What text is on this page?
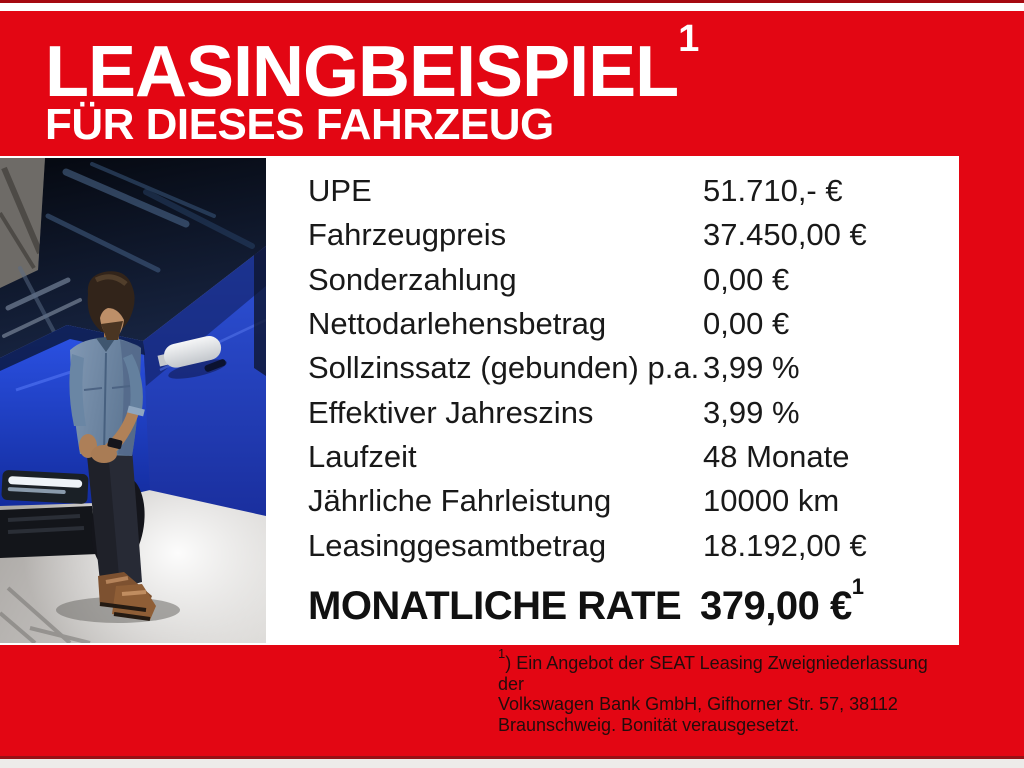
LEASINGBEISPIEL$^1$
FÜR DIESES FAHRZEUG
UPE	51.710,- €
Fahrzeugpreis	37.450,00 €
Sonderzahlung	0,00 €
Nettodarlehensbetrag	0,00 €
Sollzinssatz (gebunden) p.a. 3,99 %
Effektiver Jahreszins	3,99 %
Laufzeit	48 Monate
Jährliche Fahrleistung	10000 km
Leasinggesamtbetrag	18.192,00 €
MONATLICHE RATE 379,00 €$^1$
$^1$) Ein Angebot der SEAT Leasing Zweigniederlassung der
Volkswagen Bank GmbH, Gifhorner Str. 57, 38112
Braunschweig. Bonität verausgesetzt.
